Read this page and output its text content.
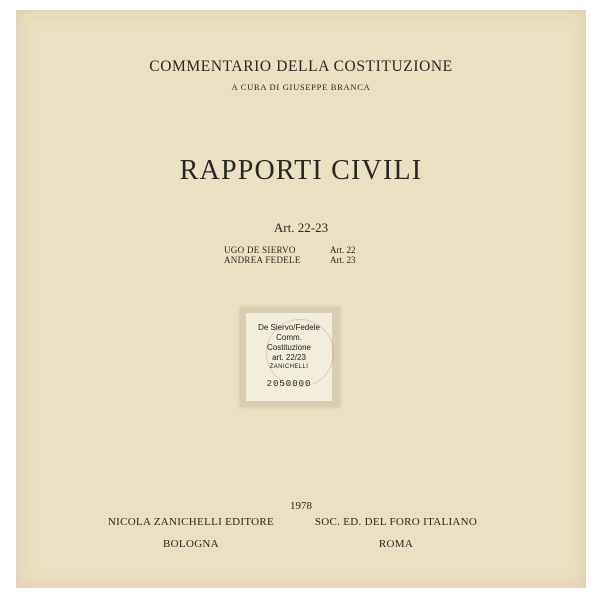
COMMENTARIO DELLA COSTITUZIONE
A CURA DI GIUSEPPE BRANCA
RAPPORTI CIVILI
Art. 22-23
UGO DE SIERVO	Art. 22
ANDREA FEDELE	Art. 23
De Siervo/Fedele
Comm.
Costituzione
art. 22/23
ZANICHELLI
2050000
1978
NICOLA ZANICHELLI EDITORE
BOLOGNA
SOC. ED. DEL FORO ITALIANO
ROMA
